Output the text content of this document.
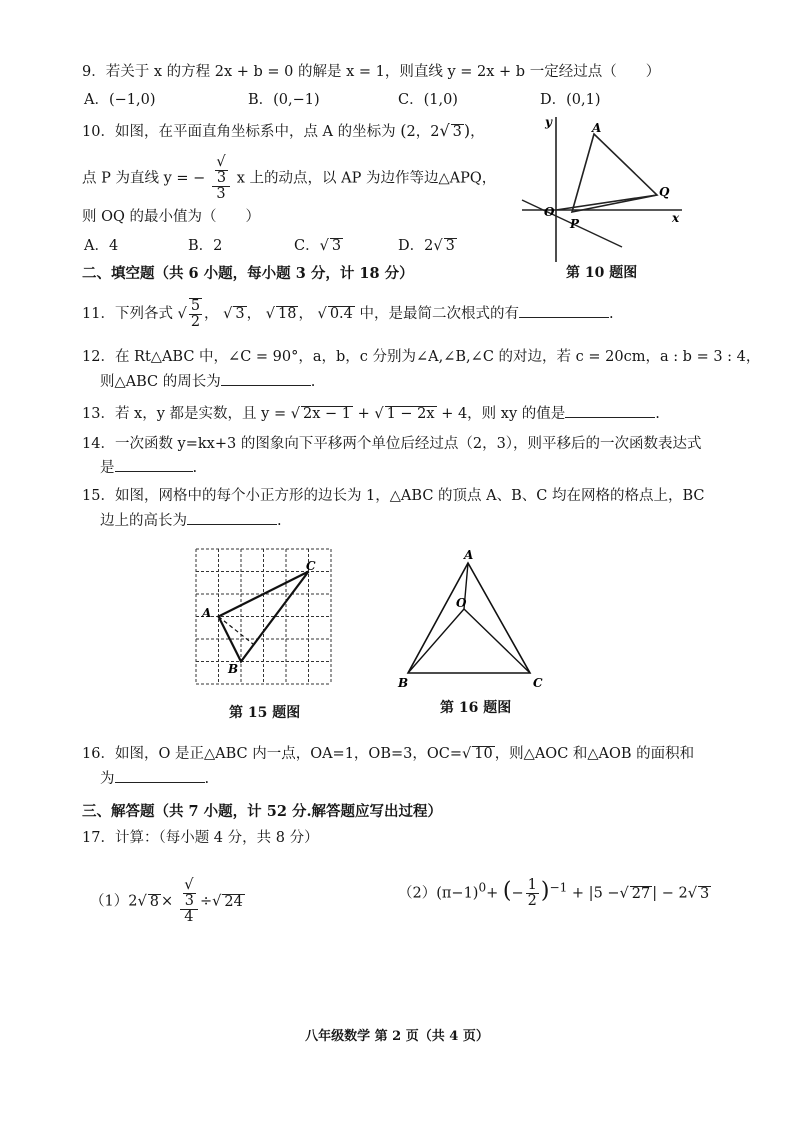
9．若关于 x 的方程 2x + b = 0 的解是 x = 1，则直线 y = 2x + b 一定经过点（　　）
A．(−1,0)	B．(0,−1)	C．(1,0)	D．(0,1)
10．如图，在平面直角坐标系中，点 A 的坐标为 (2，2√ 3 )，
点 P 为直线 y = − √
3
3 x 上的动点，以 AP 为边作等边△APQ，
则 OQ 的最小值为（　　）
A．4	B．2	C．√ 3	D．2√ 3
y
x
O
A
P
Q
第 10 题图
二、填空题（共 6 小题，每小题 3 分，计 18 分）
11．下列各式 √ $\frac{5}{2}$ ， √ 3 ， √ 18 ， √ 0.4 中，是最简二次根式的有	.
12．在 Rt△ABC 中，∠C = 90°，a，b，c 分别为∠A,∠B,∠C 的对边，若 c = 20cm，a : b = 3 : 4，
则△ABC 的周长为	.
13．若 x，y 都是实数，且 y = √ 2x − 1 + √ 1 − 2x + 4，则 xy 的值是	.
14．一次函数 y=kx+3 的图象向下平移两个单位后经过点（2，3），则平移后的一次函数表达式
是	.
15．如图，网格中的每个小正方形的边长为 1，△ABC 的顶点 A、B、C 均在网格的格点上，BC
边上的高长为	.
A
B
C
第 15 题图
A
O
B	C
第 16 题图
16．如图，O 是正△ABC 内一点，OA=1，OB=3，OC=√ 10 ，则△AOC 和△AOB 的面积和
为	.
三、解答题（共 7 小题，计 52 分.解答题应写出过程）
17．计算：（每小题 4 分，共 8 分）
（1）2√ 8 × √
3
4 ÷√ 24	$(2)(\pi-1)^0+$ (− $\frac{1}{2} )^{-1} + |5$ −√ 27 | − 2√ 3
八年级数学 第 2 页（共 4 页）
